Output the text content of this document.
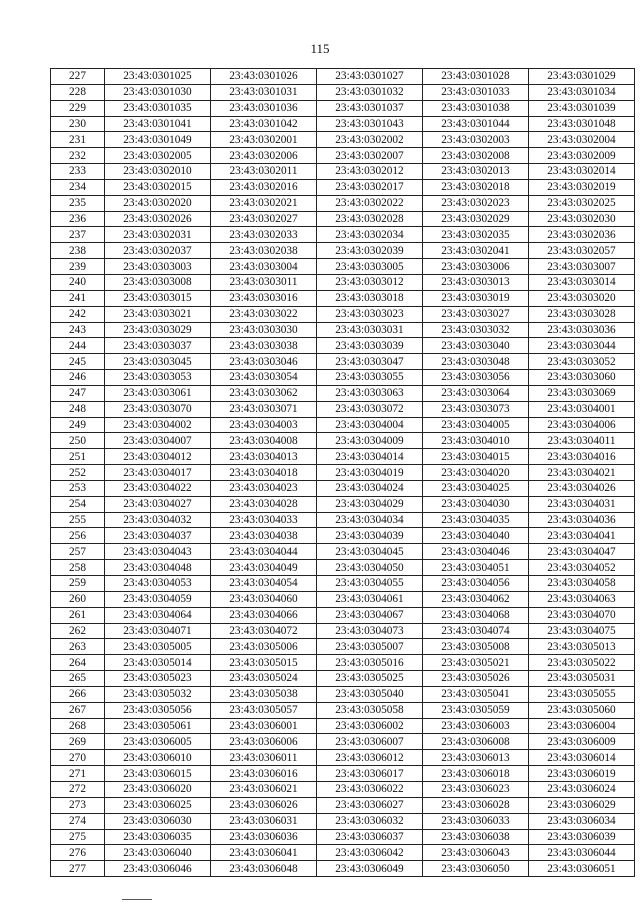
115
227	23:43:0301025	23:43:0301026	23:43:0301027	23:43:0301028	23:43:0301029
228	23:43:0301030	23:43:0301031	23:43:0301032	23:43:0301033	23:43:0301034
229	23:43:0301035	23:43:0301036	23:43:0301037	23:43:0301038	23:43:0301039
230	23:43:0301041	23:43:0301042	23:43:0301043	23:43:0301044	23:43:0301048
231	23:43:0301049	23:43:0302001	23:43:0302002	23:43:0302003	23:43:0302004
232	23:43:0302005	23:43:0302006	23:43:0302007	23:43:0302008	23:43:0302009
233	23:43:0302010	23:43:0302011	23:43:0302012	23:43:0302013	23:43:0302014
234	23:43:0302015	23:43:0302016	23:43:0302017	23:43:0302018	23:43:0302019
235	23:43:0302020	23:43:0302021	23:43:0302022	23:43:0302023	23:43:0302025
236	23:43:0302026	23:43:0302027	23:43:0302028	23:43:0302029	23:43:0302030
237	23:43:0302031	23:43:0302033	23:43:0302034	23:43:0302035	23:43:0302036
238	23:43:0302037	23:43:0302038	23:43:0302039	23:43:0302041	23:43:0302057
239	23:43:0303003	23:43:0303004	23:43:0303005	23:43:0303006	23:43:0303007
240	23:43:0303008	23:43:0303011	23:43:0303012	23:43:0303013	23:43:0303014
241	23:43:0303015	23:43:0303016	23:43:0303018	23:43:0303019	23:43:0303020
242	23:43:0303021	23:43:0303022	23:43:0303023	23:43:0303027	23:43:0303028
243	23:43:0303029	23:43:0303030	23:43:0303031	23:43:0303032	23:43:0303036
244	23:43:0303037	23:43:0303038	23:43:0303039	23:43:0303040	23:43:0303044
245	23:43:0303045	23:43:0303046	23:43:0303047	23:43:0303048	23:43:0303052
246	23:43:0303053	23:43:0303054	23:43:0303055	23:43:0303056	23:43:0303060
247	23:43:0303061	23:43:0303062	23:43:0303063	23:43:0303064	23:43:0303069
248	23:43:0303070	23:43:0303071	23:43:0303072	23:43:0303073	23:43:0304001
249	23:43:0304002	23:43:0304003	23:43:0304004	23:43:0304005	23:43:0304006
250	23:43:0304007	23:43:0304008	23:43:0304009	23:43:0304010	23:43:0304011
251	23:43:0304012	23:43:0304013	23:43:0304014	23:43:0304015	23:43:0304016
252	23:43:0304017	23:43:0304018	23:43:0304019	23:43:0304020	23:43:0304021
253	23:43:0304022	23:43:0304023	23:43:0304024	23:43:0304025	23:43:0304026
254	23:43:0304027	23:43:0304028	23:43:0304029	23:43:0304030	23:43:0304031
255	23:43:0304032	23:43:0304033	23:43:0304034	23:43:0304035	23:43:0304036
256	23:43:0304037	23:43:0304038	23:43:0304039	23:43:0304040	23:43:0304041
257	23:43:0304043	23:43:0304044	23:43:0304045	23:43:0304046	23:43:0304047
258	23:43:0304048	23:43:0304049	23:43:0304050	23:43:0304051	23:43:0304052
259	23:43:0304053	23:43:0304054	23:43:0304055	23:43:0304056	23:43:0304058
260	23:43:0304059	23:43:0304060	23:43:0304061	23:43:0304062	23:43:0304063
261	23:43:0304064	23:43:0304066	23:43:0304067	23:43:0304068	23:43:0304070
262	23:43:0304071	23:43:0304072	23:43:0304073	23:43:0304074	23:43:0304075
263	23:43:0305005	23:43:0305006	23:43:0305007	23:43:0305008	23:43:0305013
264	23:43:0305014	23:43:0305015	23:43:0305016	23:43:0305021	23:43:0305022
265	23:43:0305023	23:43:0305024	23:43:0305025	23:43:0305026	23:43:0305031
266	23:43:0305032	23:43:0305038	23:43:0305040	23:43:0305041	23:43:0305055
267	23:43:0305056	23:43:0305057	23:43:0305058	23:43:0305059	23:43:0305060
268	23:43:0305061	23:43:0306001	23:43:0306002	23:43:0306003	23:43:0306004
269	23:43:0306005	23:43:0306006	23:43:0306007	23:43:0306008	23:43:0306009
270	23:43:0306010	23:43:0306011	23:43:0306012	23:43:0306013	23:43:0306014
271	23:43:0306015	23:43:0306016	23:43:0306017	23:43:0306018	23:43:0306019
272	23:43:0306020	23:43:0306021	23:43:0306022	23:43:0306023	23:43:0306024
273	23:43:0306025	23:43:0306026	23:43:0306027	23:43:0306028	23:43:0306029
274	23:43:0306030	23:43:0306031	23:43:0306032	23:43:0306033	23:43:0306034
275	23:43:0306035	23:43:0306036	23:43:0306037	23:43:0306038	23:43:0306039
276	23:43:0306040	23:43:0306041	23:43:0306042	23:43:0306043	23:43:0306044
277	23:43:0306046	23:43:0306048	23:43:0306049	23:43:0306050	23:43:0306051
